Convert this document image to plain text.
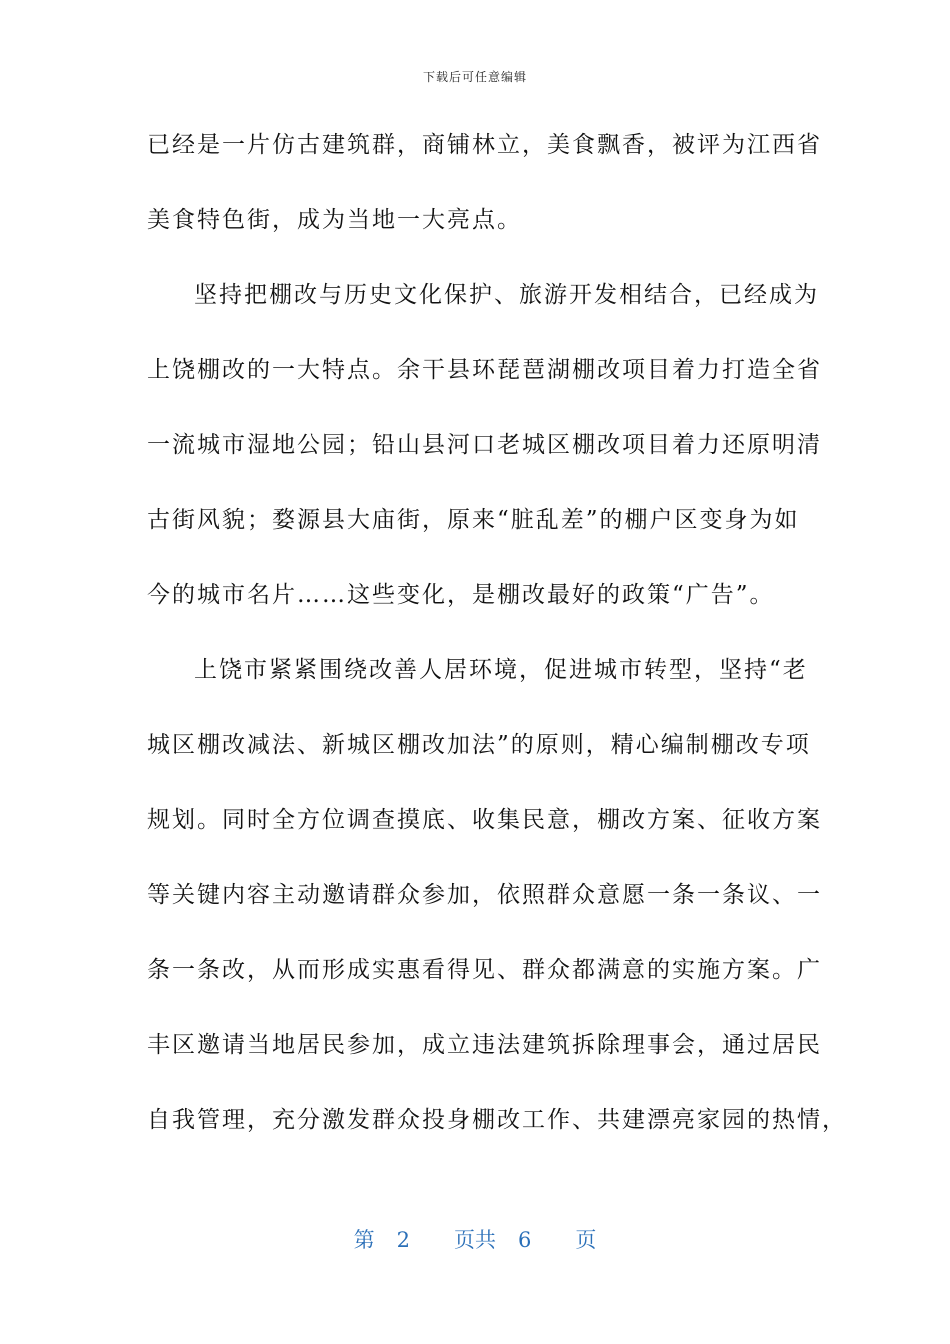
下载后可任意编辑
已经是一片仿古建筑群，商铺林立，美食飘香，被评为江西省
美食特色街，成为当地一大亮点。
坚持把棚改与历史文化保护、旅游开发相结合，已经成为
上饶棚改的一大特点。余干县环琵琶湖棚改项目着力打造全省
一流城市湿地公园；铅山县河口老城区棚改项目着力还原明清
古街风貌；婺源县大庙街，原来“脏乱差”的棚户区变身为如
今的城市名片……这些变化，是棚改最好的政策“广告”。
上饶市紧紧围绕改善人居环境，促进城市转型，坚持“老
城区棚改减法、新城区棚改加法”的原则，精心编制棚改专项
规划。同时全方位调查摸底、收集民意，棚改方案、征收方案
等关键内容主动邀请群众参加，依照群众意愿一条一条议、一
条一条改，从而形成实惠看得见、群众都满意的实施方案。广
丰区邀请当地居民参加，成立违法建筑拆除理事会，通过居民
自我管理，充分激发群众投身棚改工作、共建漂亮家园的热情，
第 2 页共 6 页
